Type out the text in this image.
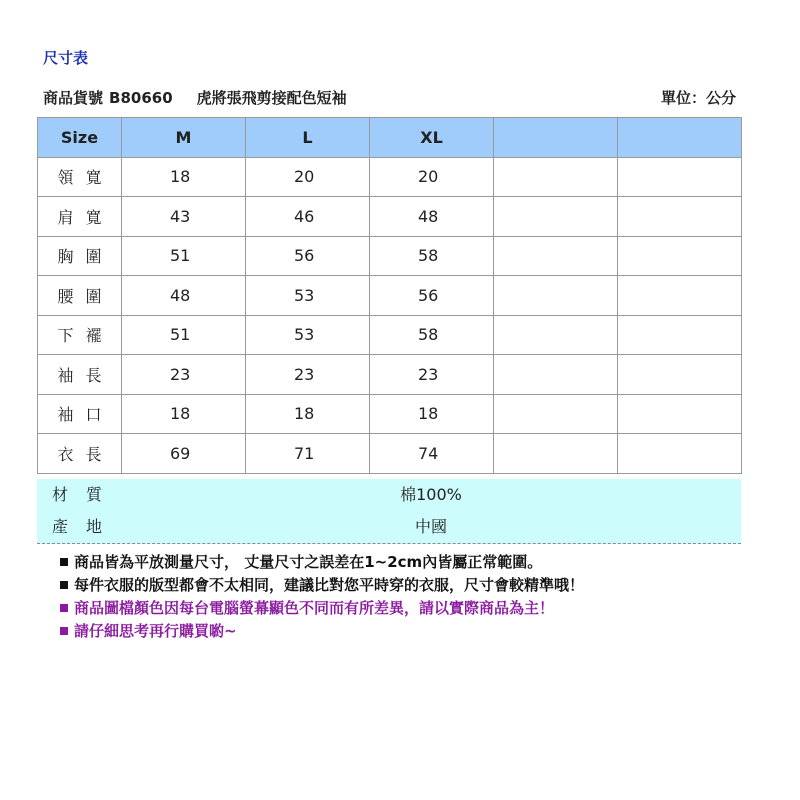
尺寸表
商品貨號 B80660 虎將張飛剪接配色短袖	單位：公分
Size	M	L	XL		
領寬	18	20	20		
肩寬	43	46	48		
胸圍	51	56	58		
腰圍	48	53	56		
下襬	51	53	58		
袖長	23	23	23		
袖口	18	18	18		
衣長	69	71	74		
材質	棉100%
產地	中國
商品皆為平放測量尺寸， 丈量尺寸之誤差在1~2cm內皆屬正常範圍。
每件衣服的版型都會不太相同，建議比對您平時穿的衣服，尺寸會較精準哦！
商品圖檔顏色因每台電腦螢幕顯色不同而有所差異，請以實際商品為主！
請仔細思考再行購買喲~
